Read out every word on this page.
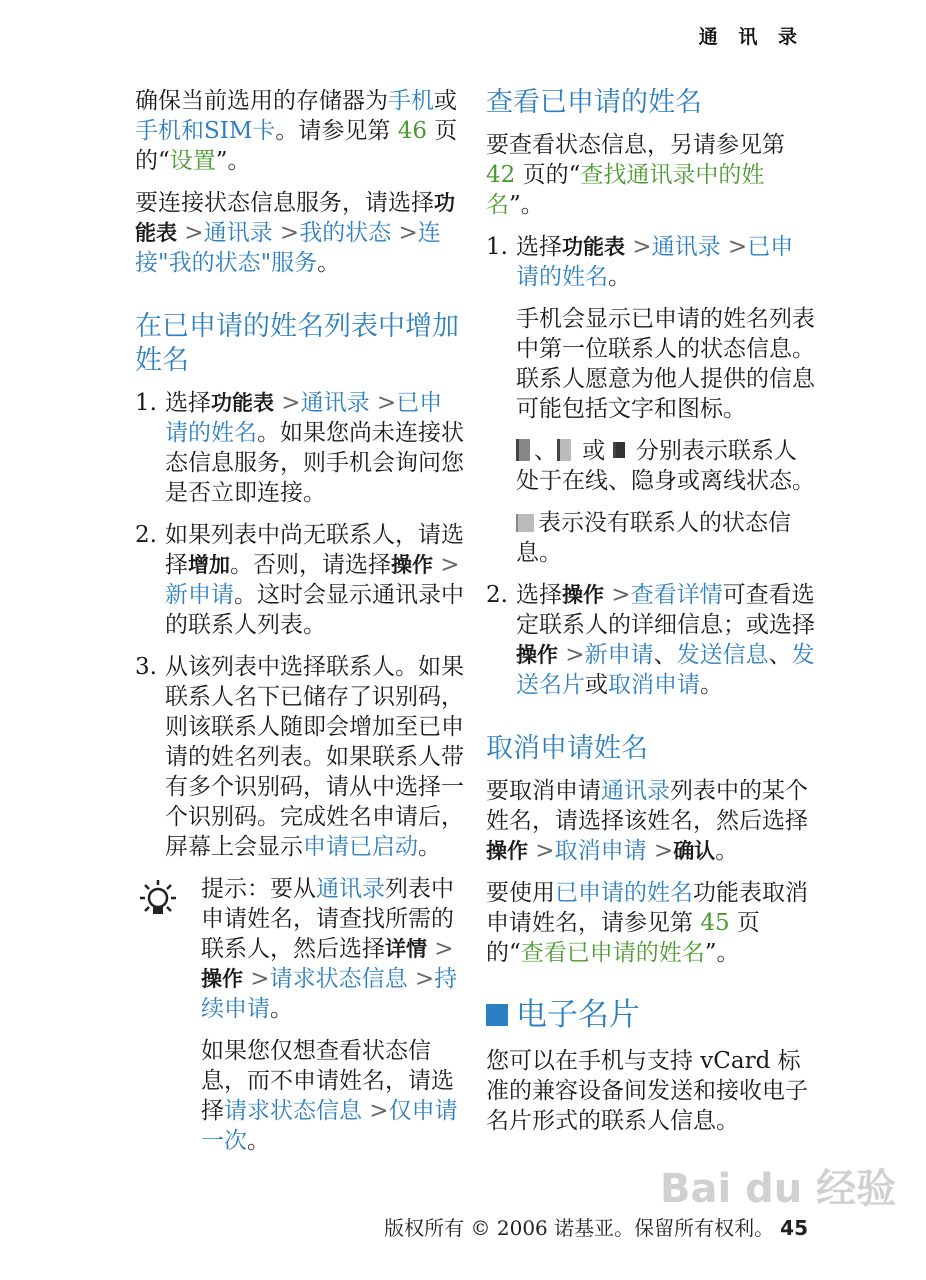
通 讯 录

确保当前选用的存储器为手机或手机和SIM卡。请参见第 46 页的“设置”。

要连接状态信息服务，请选择功能表 >通讯录 >我的状态 >连接"我的状态"服务。

在已申请的姓名列表中增加姓名
1. 选择功能表 >通讯录 >已申请的姓名。如果您尚未连接状态信息服务，则手机会询问您是否立即连接。
2. 如果列表中尚无联系人，请选择增加。否则，请选择操作 >新申请。这时会显示通讯录中的联系人列表。
3. 从该列表中选择联系人。如果联系人名下已储存了识别码，则该联系人随即会增加至已申请的姓名列表。如果联系人带有多个识别码，请从中选择一个识别码。完成姓名申请后，屏幕上会显示申请已启动。

提示：要从通讯录列表中申请姓名，请查找所需的联系人，然后选择详情 >操作 >请求状态信息 >持续申请。

如果您仅想查看状态信息，而不申请姓名，请选择请求状态信息 >仅申请一次。

查看已申请的姓名

要查看状态信息，另请参见第 42 页的“查找通讯录中的姓名”。

1. 选择功能表 >通讯录 >已申请的姓名。

手机会显示已申请的姓名列表中第一位联系人的状态信息。联系人愿意为他人提供的信息可能包括文字和图标。

、 或  分别表示联系人处于在线、隐身或离线状态。

表示没有联系人的状态信息。

2. 选择操作 >查看详情可查看选定联系人的详细信息；或选择操作 >新申请、发送信息、发送名片或取消申请。
取消申请姓名

要取消申请通讯录列表中的某个姓名，请选择该姓名，然后选择操作 >取消申请 >确认。

要使用已申请的姓名功能表取消申请姓名，请参见第 45 页的“查看已申请的姓名”。

电子名片

您可以在手机与支持 vCard 标准的兼容设备间发送和接收电子名片形式的联系人信息。

Bai du 经验
版权所有 © 2006 诺基亚。保留所有权利。 45
